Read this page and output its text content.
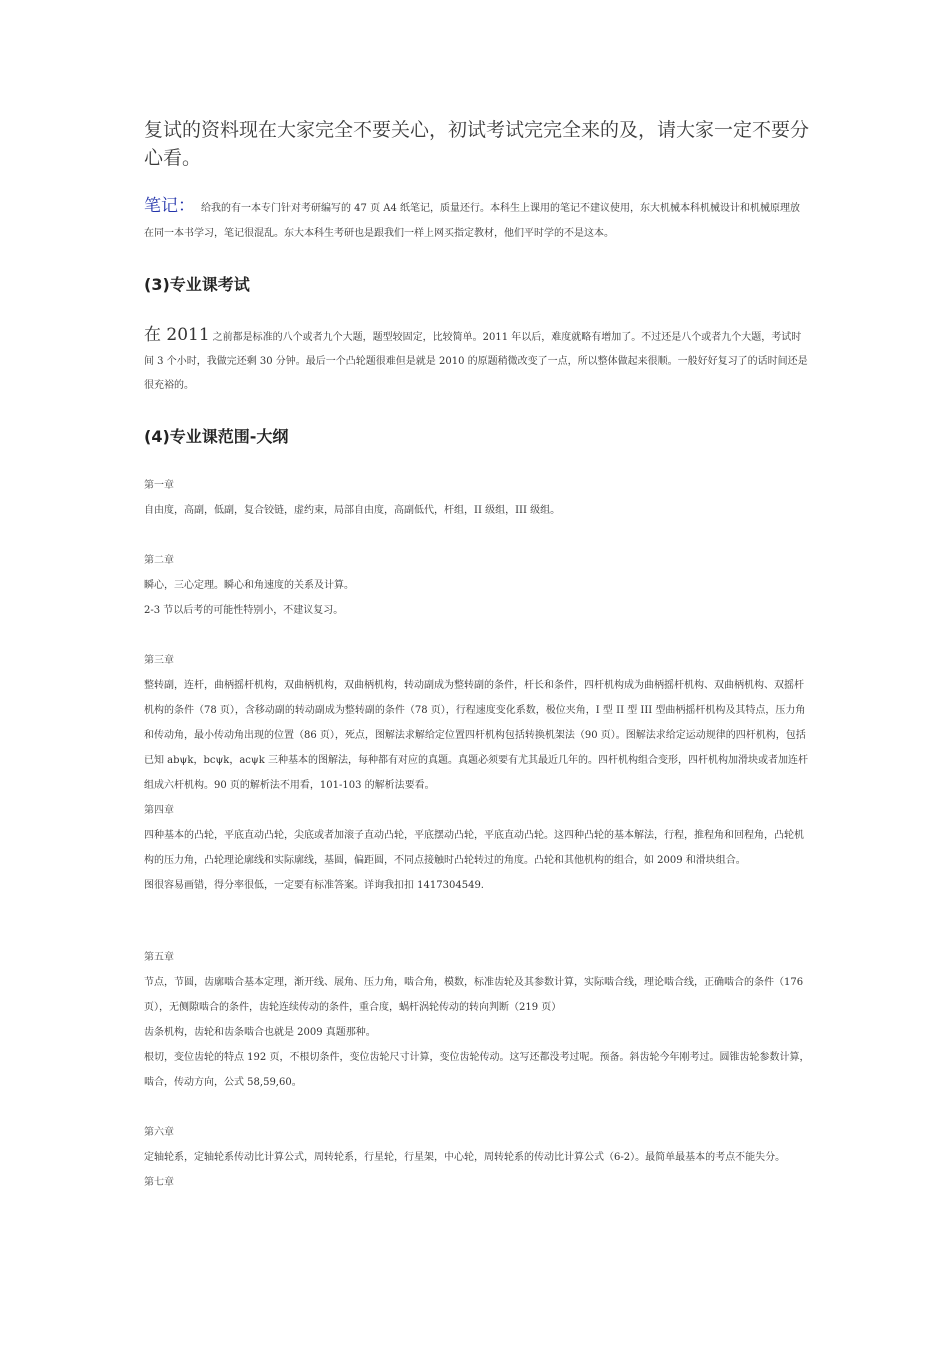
复试的资料现在大家完全不要关心，初试考试完完全来的及，请大家一定不要分心看。

笔记： 给我的有一本专门针对考研编写的 47 页 A4 纸笔记，质量还行。本科生上课用的笔记不建议使用，东大机械本科机械设计和机械原理放在同一本书学习，笔记很混乱。东大本科生考研也是跟我们一样上网买指定教材，他们平时学的不是这本。
(3)专业课考试
在 2011 之前都是标准的八个或者九个大题，题型较固定，比较简单。2011 年以后，难度就略有增加了。不过还是八个或者九个大题，考试时间 3 个小时，我做完还剩 30 分钟。最后一个凸轮题很难但是就是 2010 的原题稍微改变了一点，所以整体做起来很顺。一般好好复习了的话时间还是很充裕的。
(4)专业课范围-大纲
第一章
自由度，高副，低副，复合铰链，虚约束，局部自由度，高副低代，杆组，II 级组，III 级组。
第二章
瞬心，三心定理。瞬心和角速度的关系及计算。
2-3 节以后考的可能性特别小，不建议复习。
第三章
整转副，连杆，曲柄摇杆机构，双曲柄机构，双曲柄机构，转动副成为整转副的条件，杆长和条件，四杆机构成为曲柄摇杆机构、双曲柄机构、双摇杆机构的条件（78 页），含移动副的转动副成为整转副的条件（78 页），行程速度变化系数，极位夹角，I 型 II 型 III 型曲柄摇杆机构及其特点，压力角和传动角，最小传动角出现的位置（86 页），死点，图解法求解给定位置四杆机构包括转换机架法（90 页）。图解法求给定运动规律的四杆机构，包括已知 abψk，bcψk，acψk 三种基本的图解法，每种都有对应的真题。真题必须要有尤其最近几年的。四杆机构组合变形，四杆机构加滑块或者加连杆组成六杆机构。90 页的解析法不用看，101-103 的解析法要看。
第四章
四种基本的凸轮，平底直动凸轮，尖底或者加滚子直动凸轮，平底摆动凸轮，平底直动凸轮。这四种凸轮的基本解法，行程，推程角和回程角，凸轮机构的压力角，凸轮理论廓线和实际廓线，基圆，偏距圆，不同点接触时凸轮转过的角度。凸轮和其他机构的组合，如 2009 和滑块组合。
图很容易画错，得分率很低，一定要有标准答案。详询我扣扣 1417304549.
第五章
节点，节圆，齿廓啮合基本定理，渐开线、展角、压力角，啮合角，模数，标准齿轮及其参数计算，实际啮合线，理论啮合线，正确啮合的条件（176 页），无侧隙啮合的条件，齿轮连续传动的条件，重合度，蜗杆涡轮传动的转向判断（219 页）
齿条机构，齿轮和齿条啮合也就是 2009 真题那种。
根切，变位齿轮的特点 192 页，不根切条件，变位齿轮尺寸计算，变位齿轮传动。这写还都没考过呢。预备。斜齿轮今年刚考过。圆锥齿轮参数计算，啮合，传动方向，公式 58,59,60。
第六章
定轴轮系，定轴轮系传动比计算公式，周转轮系，行星轮，行星架，中心轮，周转轮系的传动比计算公式（6-2）。最简单最基本的考点不能失分。
第七章
